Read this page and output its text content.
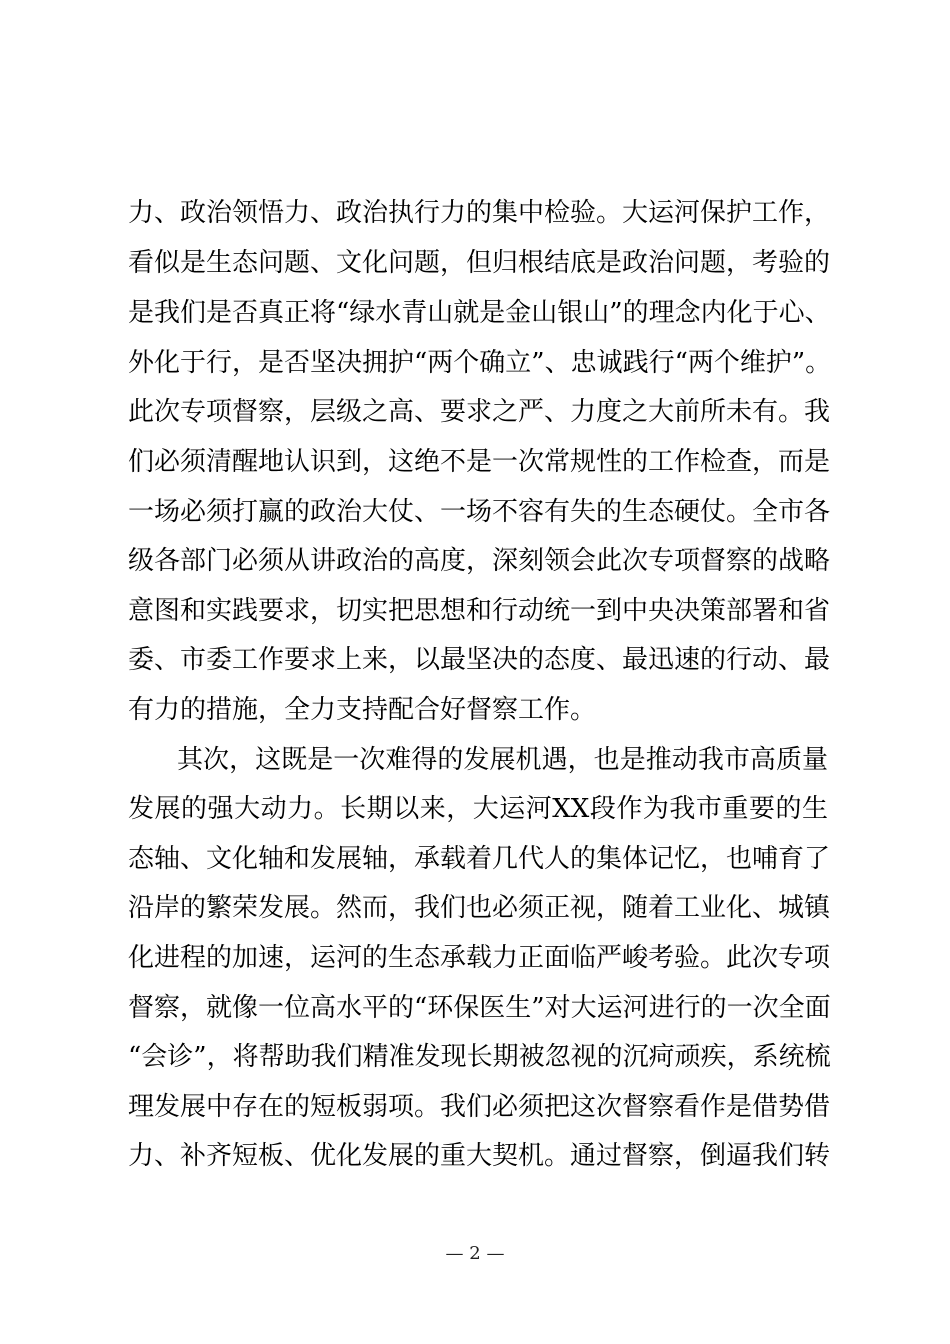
力、政治领悟力、政治执行力的集中检验。大运河保护工作，
看似是生态问题、文化问题，但归根结底是政治问题，考验的
是我们是否真正将“绿水青山就是金山银山”的理念内化于心、
外化于行，是否坚决拥护“两个确立”、忠诚践行“两个维护”。
此次专项督察，层级之高、要求之严、力度之大前所未有。我
们必须清醒地认识到，这绝不是一次常规性的工作检查，而是
一场必须打赢的政治大仗、一场不容有失的生态硬仗。全市各
级各部门必须从讲政治的高度，深刻领会此次专项督察的战略
意图和实践要求，切实把思想和行动统一到中央决策部署和省
委、市委工作要求上来，以最坚决的态度、最迅速的行动、最
有力的措施，全力支持配合好督察工作。
其次，这既是一次难得的发展机遇，也是推动我市高质量
发展的强大动力。长期以来，大运河XX段作为我市重要的生
态轴、文化轴和发展轴，承载着几代人的集体记忆，也哺育了
沿岸的繁荣发展。然而，我们也必须正视，随着工业化、城镇
化进程的加速，运河的生态承载力正面临严峻考验。此次专项
督察，就像一位高水平的“环保医生”对大运河进行的一次全面
“会诊”，将帮助我们精准发现长期被忽视的沉疴顽疾，系统梳
理发展中存在的短板弱项。我们必须把这次督察看作是借势借
力、补齐短板、优化发展的重大契机。通过督察，倒逼我们转
— 2 —
